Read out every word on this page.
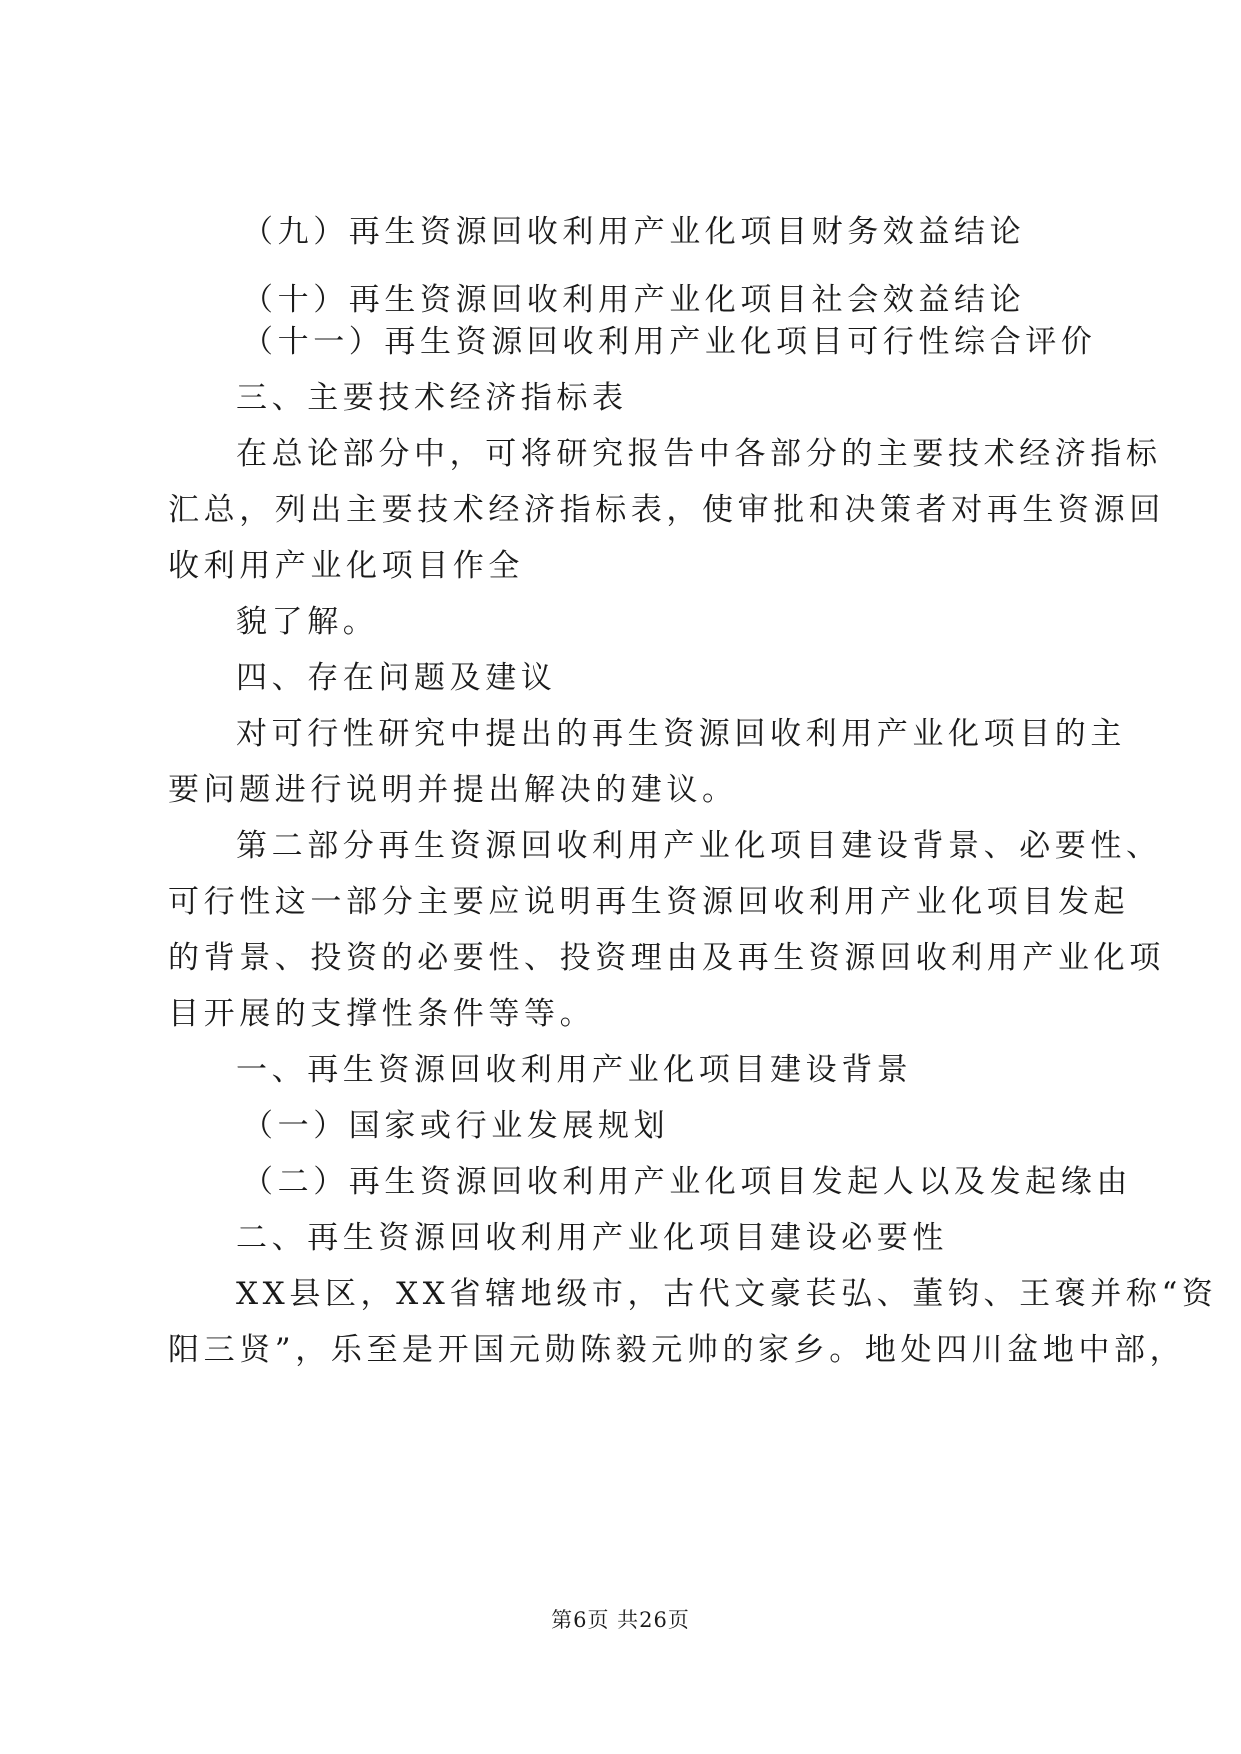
（九）再生资源回收利用产业化项目财务效益结论
（十）再生资源回收利用产业化项目社会效益结论
（十一）再生资源回收利用产业化项目可行性综合评价
三、主要技术经济指标表
在总论部分中，可将研究报告中各部分的主要技术经济指标
汇总，列出主要技术经济指标表，使审批和决策者对再生资源回
收利用产业化项目作全
貌了解。
四、存在问题及建议
对可行性研究中提出的再生资源回收利用产业化项目的主
要问题进行说明并提出解决的建议。
第二部分再生资源回收利用产业化项目建设背景、必要性、
可行性这一部分主要应说明再生资源回收利用产业化项目发起
的背景、投资的必要性、投资理由及再生资源回收利用产业化项
目开展的支撑性条件等等。
一、再生资源回收利用产业化项目建设背景
（一）国家或行业发展规划
（二）再生资源回收利用产业化项目发起人以及发起缘由
二、再生资源回收利用产业化项目建设必要性
XX县区，XX省辖地级市，古代文豪苌弘、董钧、王褒并称“资
阳三贤”，乐至是开国元勋陈毅元帅的家乡。地处四川盆地中部，
第6页 共26页
